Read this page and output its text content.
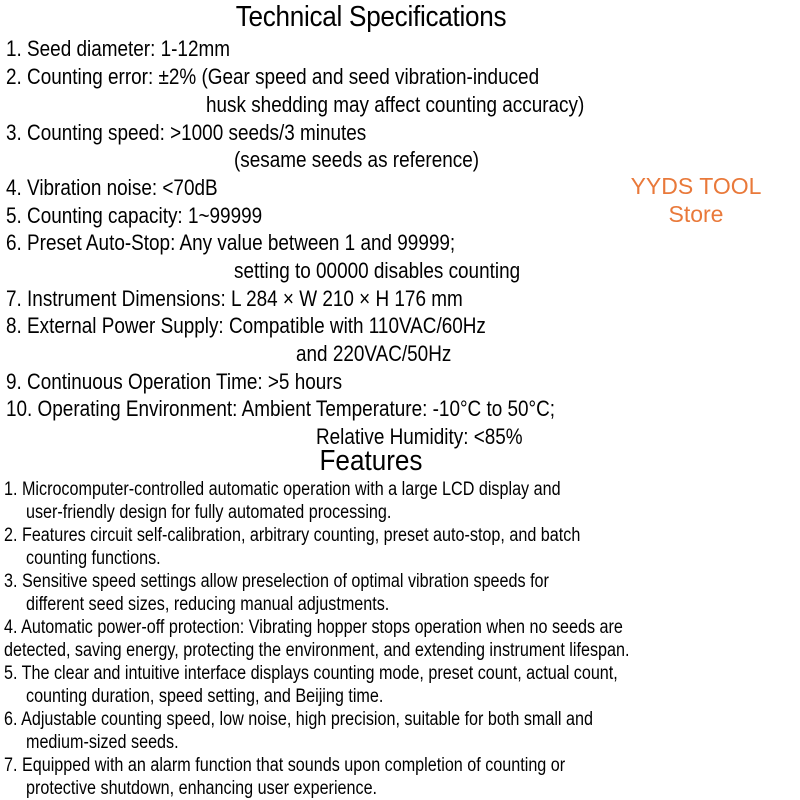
Technical Specifications
1. Seed diameter: 1-12mm
2. Counting error: ±2% (Gear speed and seed vibration-induced
husk shedding may affect counting accuracy)
3. Counting speed: >1000 seeds/3 minutes
(sesame seeds as reference)
4. Vibration noise: <70dB
5. Counting capacity: 1~99999
6. Preset Auto-Stop: Any value between 1 and 99999;
setting to 00000 disables counting
7. Instrument Dimensions: L 284 × W 210 × H 176 mm
8. External Power Supply: Compatible with 110VAC/60Hz
and 220VAC/50Hz
9. Continuous Operation Time: >5 hours
10. Operating Environment: Ambient Temperature: -10°C to 50°C;
Relative Humidity: <85%
YYDS TOOL
Store
Features
1. Microcomputer-controlled automatic operation with a large LCD display and
user-friendly design for fully automated processing.
2. Features circuit self-calibration, arbitrary counting, preset auto-stop, and batch
counting functions.
3. Sensitive speed settings allow preselection of optimal vibration speeds for
different seed sizes, reducing manual adjustments.
4. Automatic power-off protection: Vibrating hopper stops operation when no seeds are
detected, saving energy, protecting the environment, and extending instrument lifespan.
5. The clear and intuitive interface displays counting mode, preset count, actual count,
counting duration, speed setting, and Beijing time.
6. Adjustable counting speed, low noise, high precision, suitable for both small and
medium-sized seeds.
7. Equipped with an alarm function that sounds upon completion of counting or
protective shutdown, enhancing user experience.
